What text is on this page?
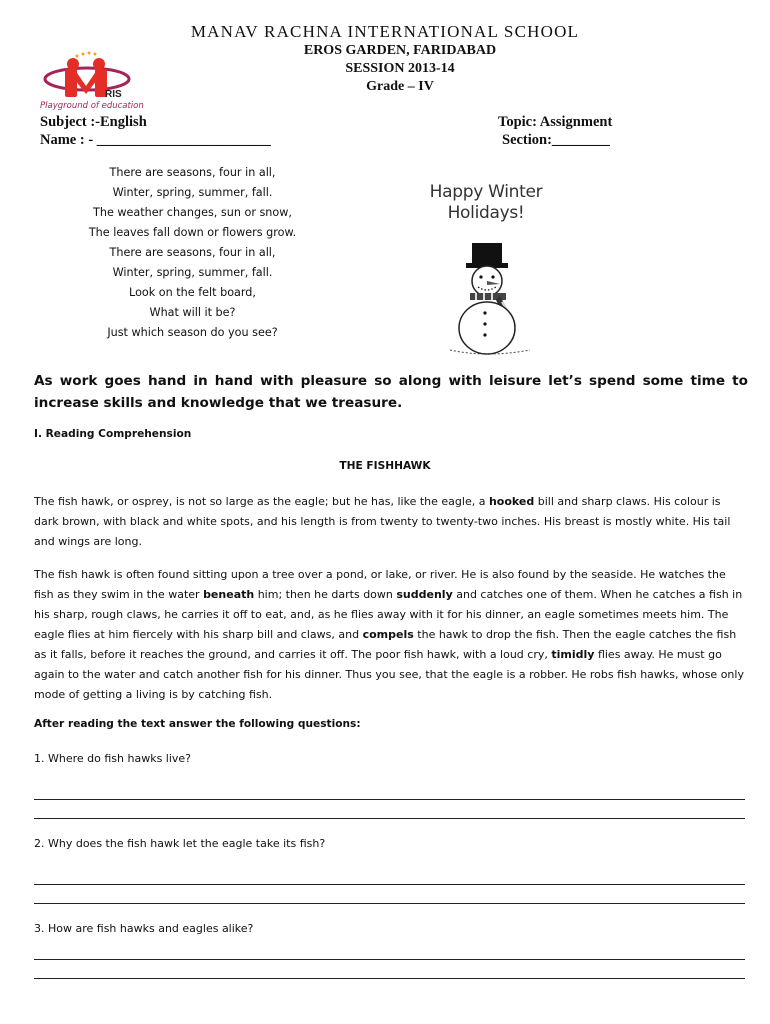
MANAV RACHNA INTERNATIONAL SCHOOL
EROS GARDEN, FARIDABAD
SESSION 2013-14
Grade – IV
RIS
Playground of education
Subject :-English
Name : - ________________________
Topic: Assignment
Section:________
There are seasons, four in all,
Winter, spring, summer, fall.
The weather changes, sun or snow,
The leaves fall down or flowers grow.
There are seasons, four in all,
Winter, spring, summer, fall.
Look on the felt board,
What will it be?
Just which season do you see?
Happy Winter
Holidays!
As work goes hand in hand with pleasure so along with leisure let’s spend some time to increase skills and knowledge that we treasure.
I. Reading Comprehension
THE FISHHAWK
The fish hawk, or osprey, is not so large as the eagle; but he has, like the eagle, a hooked bill and sharp claws. His colour is dark brown, with black and white spots, and his length is from twenty to twenty-two inches. His breast is mostly white. His tail and wings are long.
The fish hawk is often found sitting upon a tree over a pond, or lake, or river. He is also found by the seaside. He watches the fish as they swim in the water beneath him; then he darts down suddenly and catches one of them. When he catches a fish in his sharp, rough claws, he carries it off to eat, and, as he flies away with it for his dinner, an eagle sometimes meets him. The eagle flies at him fiercely with his sharp bill and claws, and compels the hawk to drop the fish. Then the eagle catches the fish as it falls, before it reaches the ground, and carries it off. The poor fish hawk, with a loud cry, timidly flies away. He must go again to the water and catch another fish for his dinner. Thus you see, that the eagle is a robber. He robs fish hawks, whose only mode of getting a living is by catching fish.
After reading the text answer the following questions:
1. Where do fish hawks live?
2. Why does the fish hawk let the eagle take its fish?
3. How are fish hawks and eagles alike?
